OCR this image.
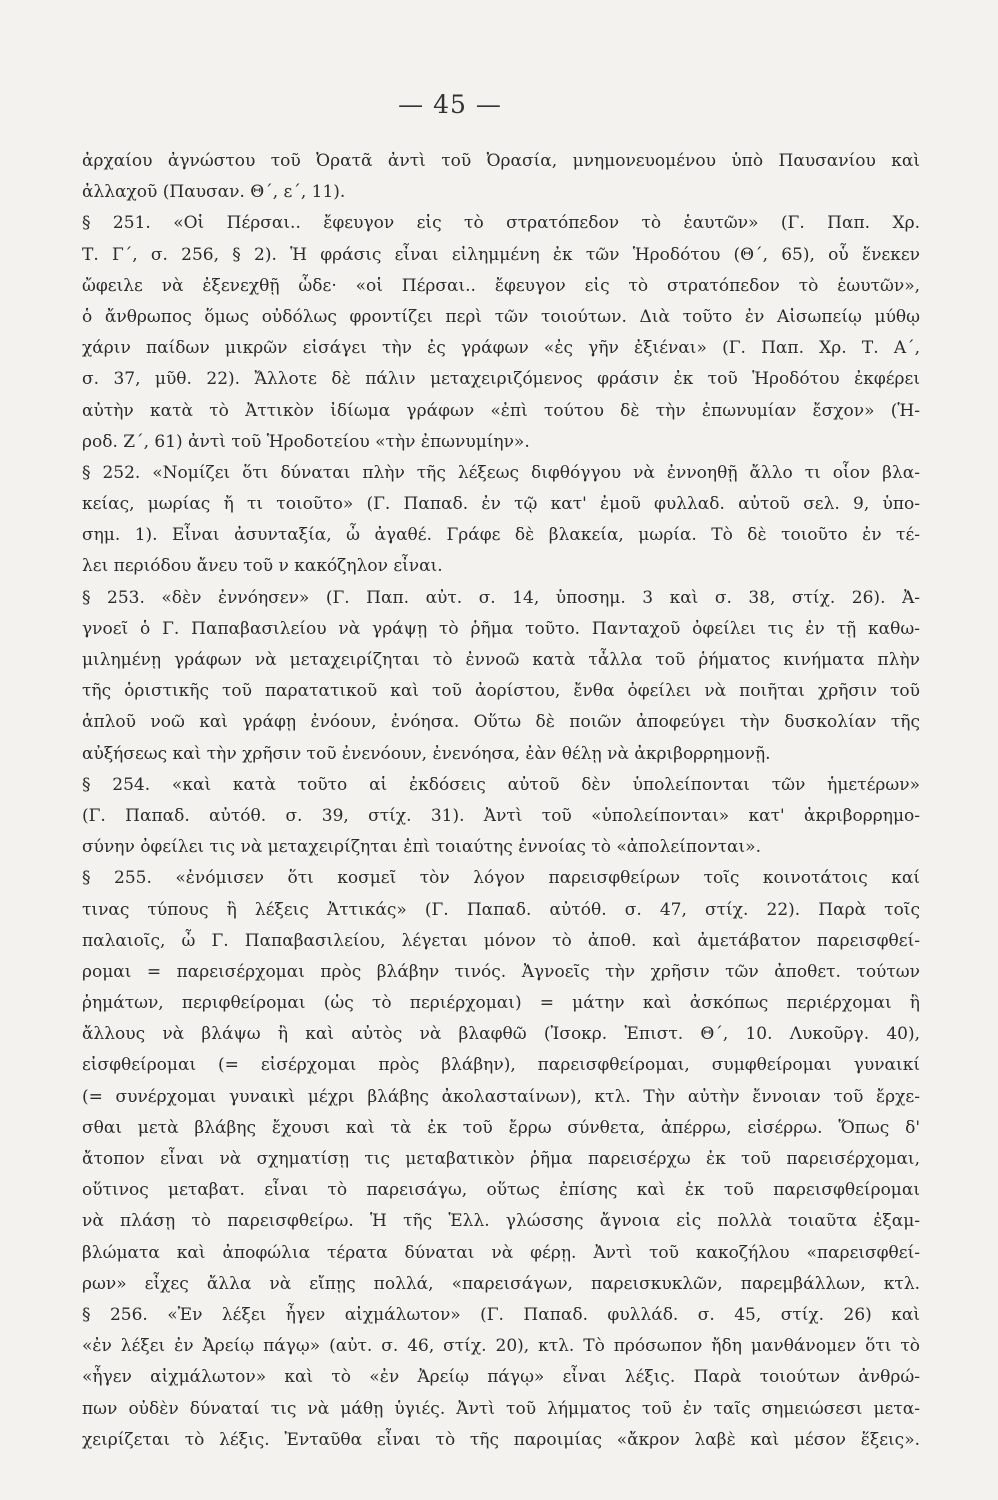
— 45 —
ἀρχαίου ἀγνώστου τοῦ Ὀρατᾶ ἀντὶ τοῦ Ὀρασία, μνημονευομένου ὑπὸ Παυσανίου καὶ
ἀλλαχοῦ (Παυσαν. Θ΄, ε΄, 11).
§ 251. «Οἱ Πέρσαι.. ἔφευγον εἰς τὸ στρατόπεδον τὸ ἑαυτῶν» (Γ. Παπ. Χρ.
Τ. Γ΄, σ. 256, § 2). Ἡ φράσις εἶναι εἰλημμένη ἐκ τῶν Ἡροδότου (Θ΄, 65), οὗ ἕνεκεν
ὤφειλε νὰ ἐξενεχθῇ ὧδε· «οἱ Πέρσαι.. ἔφευγον εἰς τὸ στρατόπεδον τὸ ἑωυτῶν»,
ὁ ἄνθρωπος ὅμως οὐδόλως φροντίζει περὶ τῶν τοιούτων. Διὰ τοῦτο ἐν Αἰσωπείῳ μύθῳ
χάριν παίδων μικρῶν εἰσάγει τὴν ἐς γράφων «ἐς γῆν ἐξιέναι» (Γ. Παπ. Χρ. Τ. Α΄,
σ. 37, μῦθ. 22). Ἄλλοτε δὲ πάλιν μεταχειριζόμενος φράσιν ἐκ τοῦ Ἡροδότου ἐκφέρει
αὐτὴν κατὰ τὸ Ἀττικὸν ἰδίωμα γράφων «ἐπὶ τούτου δὲ τὴν ἐπωνυμίαν ἔσχον» (Ἡ-
ροδ. Ζ΄, 61) ἀντὶ τοῦ Ἡροδοτείου «τὴν ἐπωνυμίην».
§ 252. «Νομίζει ὅτι δύναται πλὴν τῆς λέξεως διφθόγγου νὰ ἐννοηθῇ ἄλλο τι οἷον βλα-
κείας, μωρίας ἤ τι τοιοῦτο» (Γ. Παπαδ. ἐν τῷ κατ' ἐμοῦ φυλλαδ. αὐτοῦ σελ. 9, ὑπο-
σημ. 1). Εἶναι ἀσυνταξία, ὦ ἀγαθέ. Γράφε δὲ βλακεία, μωρία. Τὸ δὲ τοιοῦτο ἐν τέ-
λει περιόδου ἄνευ τοῦ ν κακόζηλον εἶναι.
§ 253. «δὲν ἐννόησεν» (Γ. Παπ. αὐτ. σ. 14, ὑποσημ. 3 καὶ σ. 38, στίχ. 26). Ἀ-
γνοεῖ ὁ Γ. Παπαβασιλείου νὰ γράψῃ τὸ ῥῆμα τοῦτο. Πανταχοῦ ὀφείλει τις ἐν τῇ καθω-
μιλημένῃ γράφων νὰ μεταχειρίζηται τὸ ἐννοῶ κατὰ τἆλλα τοῦ ῥήματος κινήματα πλὴν
τῆς ὁριστικῆς τοῦ παρατατικοῦ καὶ τοῦ ἀορίστου, ἔνθα ὀφείλει νὰ ποιῆται χρῆσιν τοῦ
ἁπλοῦ νοῶ καὶ γράφῃ ἐνόουν, ἐνόησα. Οὕτω δὲ ποιῶν ἀποφεύγει τὴν δυσκολίαν τῆς
αὐξήσεως καὶ τὴν χρῆσιν τοῦ ἐνενόουν, ἐνενόησα, ἐὰν θέλῃ νὰ ἀκριβορρημονῇ.
§ 254. «καὶ κατὰ τοῦτο αἱ ἐκδόσεις αὐτοῦ δὲν ὑπολείπονται τῶν ἡμετέρων»
(Γ. Παπαδ. αὐτόθ. σ. 39, στίχ. 31). Ἀντὶ τοῦ «ὑπολείπονται» κατ' ἀκριβορρημο-
σύνην ὀφείλει τις νὰ μεταχειρίζηται ἐπὶ τοιαύτης ἐννοίας τὸ «ἀπολείπονται».
§ 255. «ἐνόμισεν ὅτι κοσμεῖ τὸν λόγον παρεισφθείρων τοῖς κοινοτάτοις καί
τινας τύπους ἢ λέξεις Ἀττικάς» (Γ. Παπαδ. αὐτόθ. σ. 47, στίχ. 22). Παρὰ τοῖς
παλαιοῖς, ὦ Γ. Παπαβασιλείου, λέγεται μόνον τὸ ἀποθ. καὶ ἀμετάβατον παρεισφθεί-
ρομαι = παρεισέρχομαι πρὸς βλάβην τινός. Ἀγνοεῖς τὴν χρῆσιν τῶν ἀποθετ. τούτων
ῥημάτων, περιφθείρομαι (ὡς τὸ περιέρχομαι) = μάτην καὶ ἀσκόπως περιέρχομαι ἢ
ἄλλους νὰ βλάψω ἢ καὶ αὐτὸς νὰ βλαφθῶ (Ἰσοκρ. Ἐπιστ. Θ΄, 10. Λυκοῦργ. 40),
εἰσφθείρομαι (= εἰσέρχομαι πρὸς βλάβην), παρεισφθείρομαι, συμφθείρομαι γυναικί
(= συνέρχομαι γυναικὶ μέχρι βλάβης ἀκολασταίνων), κτλ. Τὴν αὐτὴν ἔννοιαν τοῦ ἔρχε-
σθαι μετὰ βλάβης ἔχουσι καὶ τὰ ἐκ τοῦ ἔρρω σύνθετα, ἀπέρρω, εἰσέρρω. Ὅπως δ'
ἄτοπον εἶναι νὰ σχηματίσῃ τις μεταβατικὸν ῥῆμα παρεισέρχω ἐκ τοῦ παρεισέρχομαι,
οὕτινος μεταβατ. εἶναι τὸ παρεισάγω, οὕτως ἐπίσης καὶ ἐκ τοῦ παρεισφθείρομαι
νὰ πλάσῃ τὸ παρεισφθείρω. Ἡ τῆς Ἑλλ. γλώσσης ἄγνοια εἰς πολλὰ τοιαῦτα ἐξαμ-
βλώματα καὶ ἀποφώλια τέρατα δύναται νὰ φέρῃ. Ἀντὶ τοῦ κακοζήλου «παρεισφθεί-
ρων» εἶχες ἄλλα νὰ εἴπῃς πολλά, «παρεισάγων, παρεισκυκλῶν, παρεμβάλλων, κτλ.
§ 256. «Ἐν λέξει ἦγεν αἰχμάλωτον» (Γ. Παπαδ. φυλλάδ. σ. 45, στίχ. 26) καὶ
«ἐν λέξει ἐν Ἀρείῳ πάγῳ» (αὐτ. σ. 46, στίχ. 20), κτλ. Τὸ πρόσωπον ἤδη μανθάνομεν ὅτι τὸ
«ἦγεν αἰχμάλωτον» καὶ τὸ «ἐν Ἀρείῳ πάγῳ» εἶναι λέξις. Παρὰ τοιούτων ἀνθρώ-
πων οὐδὲν δύναταί τις νὰ μάθῃ ὑγιές. Ἀντὶ τοῦ λήμματος τοῦ ἐν ταῖς σημειώσεσι μετα-
χειρίζεται τὸ λέξις. Ἐνταῦθα εἶναι τὸ τῆς παροιμίας «ἄκρον λαβὲ καὶ μέσον ἕξεις».
